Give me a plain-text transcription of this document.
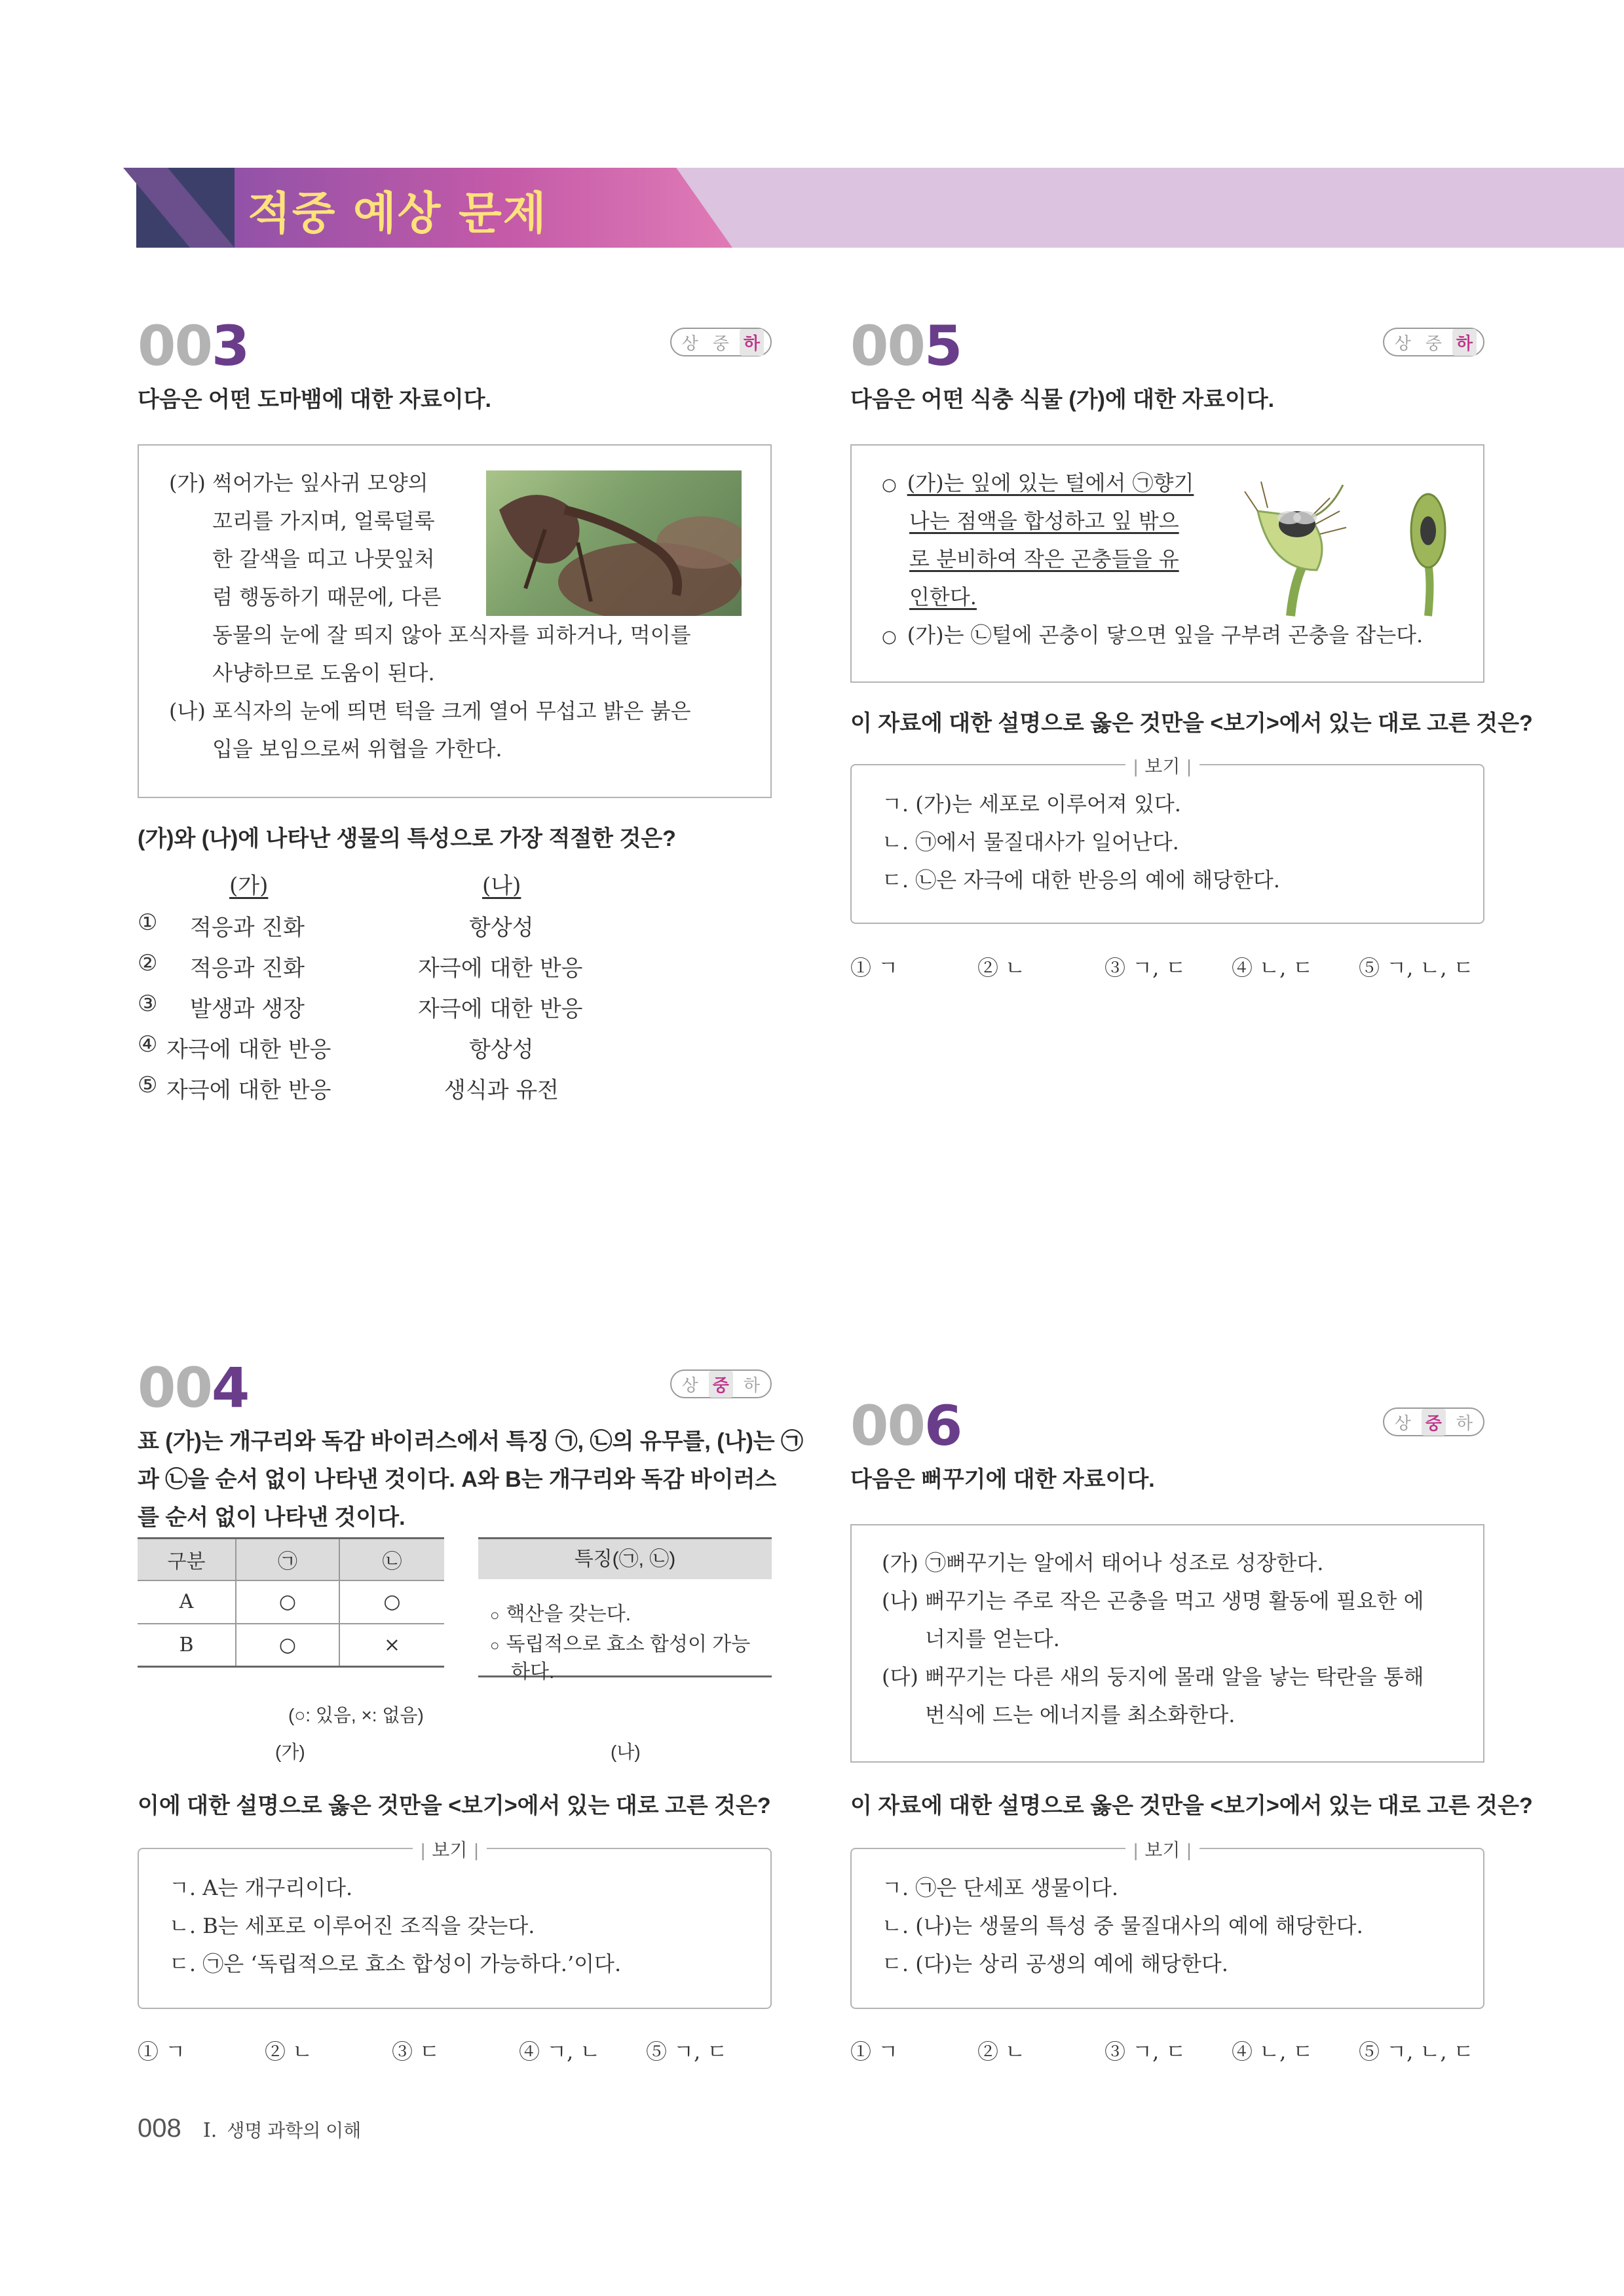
적중 예상 문제
003	상 중 하
다음은 어떤 도마뱀에 대한 자료이다.
(가) 썩어가는 잎사귀 모양의
꼬리를 가지며, 얼룩덜룩
한 갈색을 띠고 나뭇잎처
럼 행동하기 때문에, 다른
동물의 눈에 잘 띄지 않아 포식자를 피하거나, 먹이를
사냥하므로 도움이 된다.
(나) 포식자의 눈에 띄면 턱을 크게 열어 무섭고 밝은 붉은
입을 보임으로써 위협을 가한다.
(가)와 (나)에 나타난 생물의 특성으로 가장 적절한 것은?
(가)	(나)
① 적응과 진화	항상성
② 적응과 진화	자극에 대한 반응
③ 발생과 생장	자극에 대한 반응
④ 자극에 대한 반응	항상성
⑤ 자극에 대한 반응	생식과 유전
005	상 중 하
다음은 어떤 식충 식물 (가)에 대한 자료이다.
○ (가)는 잎에 있는 털에서 ㉠향기
나는 점액을 합성하고 잎 밖으
로 분비하여 작은 곤충들을 유
인한다.
○ (가)는 ㉡털에 곤충이 닿으면 잎을 구부려 곤충을 잡는다.
이 자료에 대한 설명으로 옳은 것만을 <보기>에서 있는 대로 고른 것은?
ㄱ. (가)는 세포로 이루어져 있다.
ㄴ. ㉠에서 물질대사가 일어난다.
ㄷ. ㉡은 자극에 대한 반응의 예에 해당한다.
| 보기 |
① ㄱ	② ㄴ	③ ㄱ, ㄷ	④ ㄴ, ㄷ	⑤ ㄱ, ㄴ, ㄷ
004	상 중 하
표 (가)는 개구리와 독감 바이러스에서 특징 ㉠, ㉡의 유무를, (나)는 ㉠
과 ㉡을 순서 없이 나타낸 것이다. A와 B는 개구리와 독감 바이러스
를 순서 없이 나타낸 것이다.
구분	㉠	㉡
A	○	○
B	○	×
(○: 있음, ×: 없음)
(가)
특징(㉠, ㉡)
○ 핵산을 갖는다.
○ 독립적으로 효소 합성이 가능
하다.
(나)
이에 대한 설명으로 옳은 것만을 <보기>에서 있는 대로 고른 것은?
ㄱ. A는 개구리이다.
ㄴ. B는 세포로 이루어진 조직을 갖는다.
ㄷ. ㉠은 ‘독립적으로 효소 합성이 가능하다.’이다.
| 보기 |
① ㄱ	② ㄴ	③ ㄷ	④ ㄱ, ㄴ	⑤ ㄱ, ㄷ
006	상 중 하
다음은 뻐꾸기에 대한 자료이다.
(가) ㉠뻐꾸기는 알에서 태어나 성조로 성장한다.
(나) 뻐꾸기는 주로 작은 곤충을 먹고 생명 활동에 필요한 에
너지를 얻는다.
(다) 뻐꾸기는 다른 새의 둥지에 몰래 알을 낳는 탁란을 통해
번식에 드는 에너지를 최소화한다.
이 자료에 대한 설명으로 옳은 것만을 <보기>에서 있는 대로 고른 것은?
ㄱ. ㉠은 단세포 생물이다.
ㄴ. (나)는 생물의 특성 중 물질대사의 예에 해당한다.
ㄷ. (다)는 상리 공생의 예에 해당한다.
| 보기 |
① ㄱ	② ㄴ	③ ㄱ, ㄷ	④ ㄴ, ㄷ	⑤ ㄱ, ㄴ, ㄷ
008 I. 생명 과학의 이해
